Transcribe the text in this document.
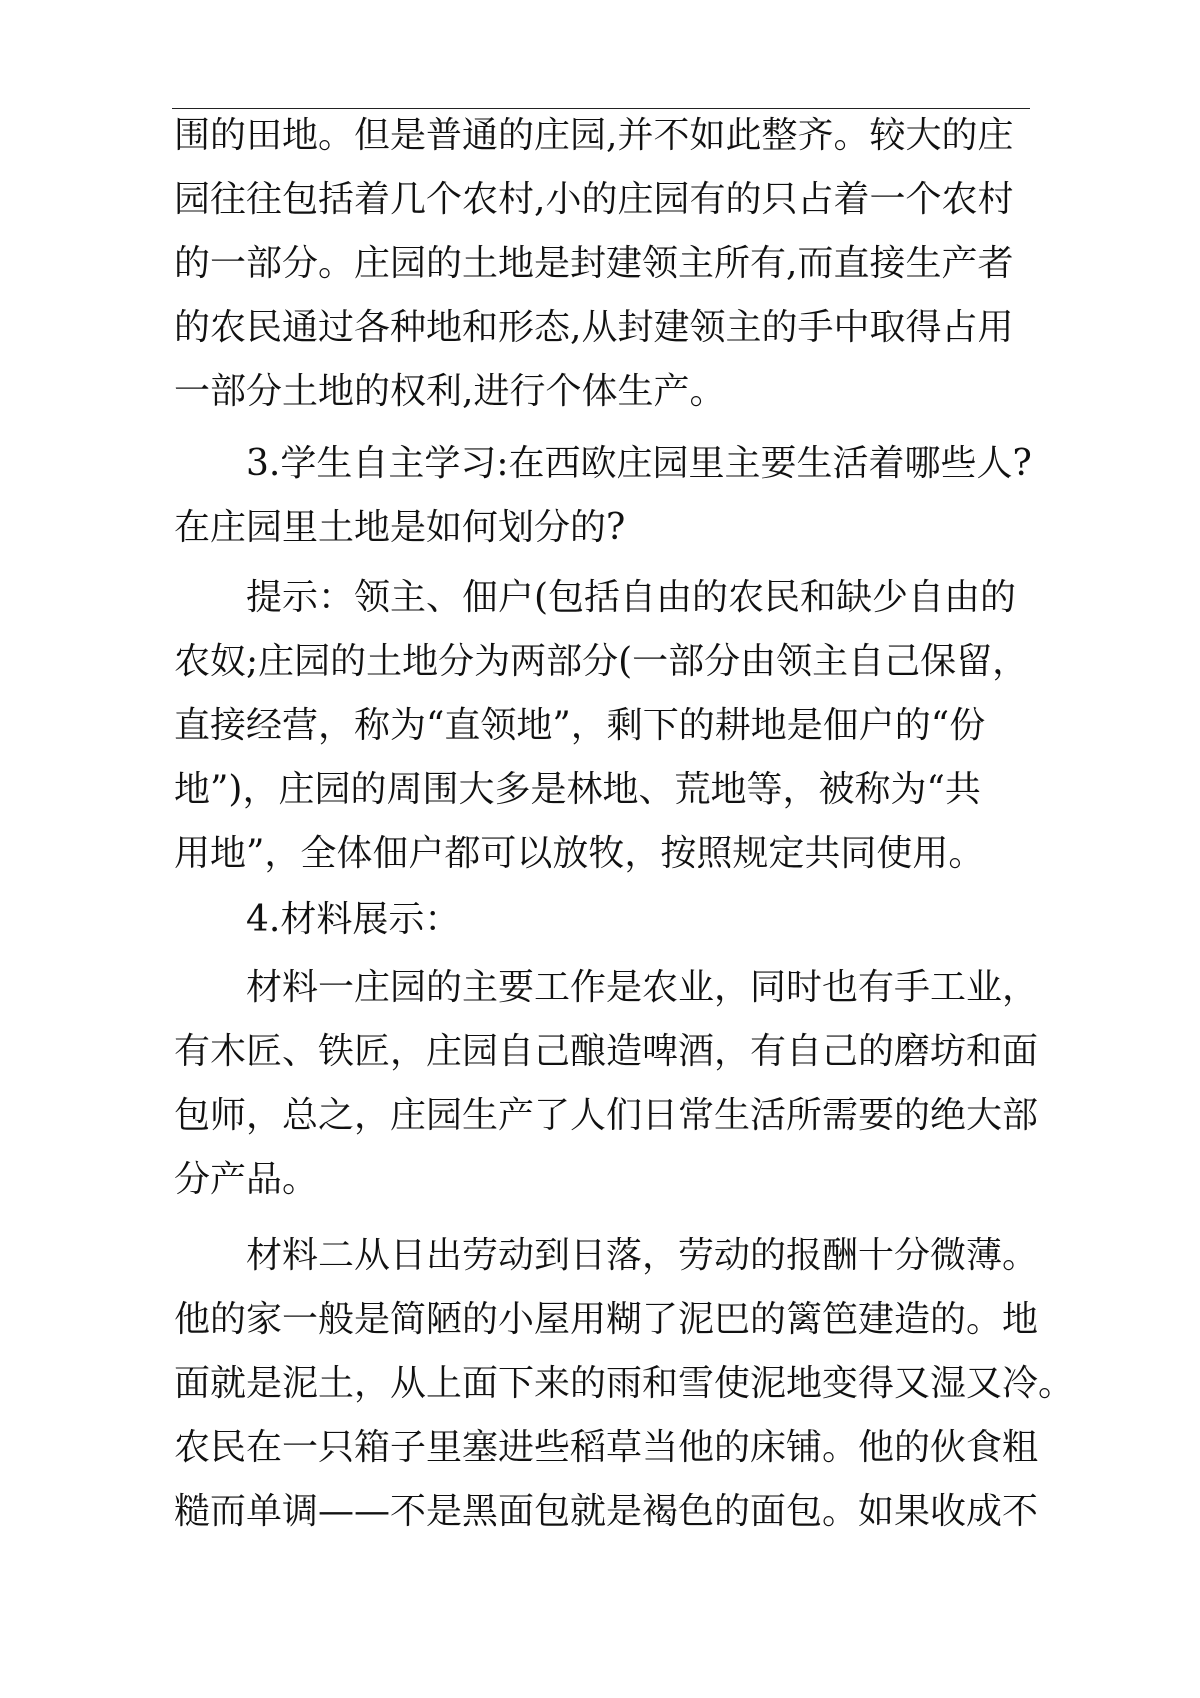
围的田地。但是普通的庄园,并不如此整齐。较大的庄
园往往包括着几个农村,小的庄园有的只占着一个农村
的一部分。庄园的土地是封建领主所有,而直接生产者
的农民通过各种地和形态,从封建领主的手中取得占用
一部分土地的权利,进行个体生产。
3.学生自主学习:在西欧庄园里主要生活着哪些人?
在庄园里土地是如何划分的?
提示：领主、佃户(包括自由的农民和缺少自由的
农奴;庄园的土地分为两部分(一部分由领主自己保留，
直接经营，称为“直领地”，剩下的耕地是佃户的“份
地”)，庄园的周围大多是林地、荒地等，被称为“共
用地”，全体佃户都可以放牧，按照规定共同使用。
4.材料展示：
材料一庄园的主要工作是农业，同时也有手工业，
有木匠、铁匠，庄园自己酿造啤酒，有自己的磨坊和面
包师，总之，庄园生产了人们日常生活所需要的绝大部
分产品。
材料二从日出劳动到日落，劳动的报酬十分微薄。
他的家一般是简陋的小屋用糊了泥巴的篱笆建造的。地
面就是泥土，从上面下来的雨和雪使泥地变得又湿又冷。
农民在一只箱子里塞进些稻草当他的床铺。他的伙食粗
糙而单调——不是黑面包就是褐色的面包。如果收成不
